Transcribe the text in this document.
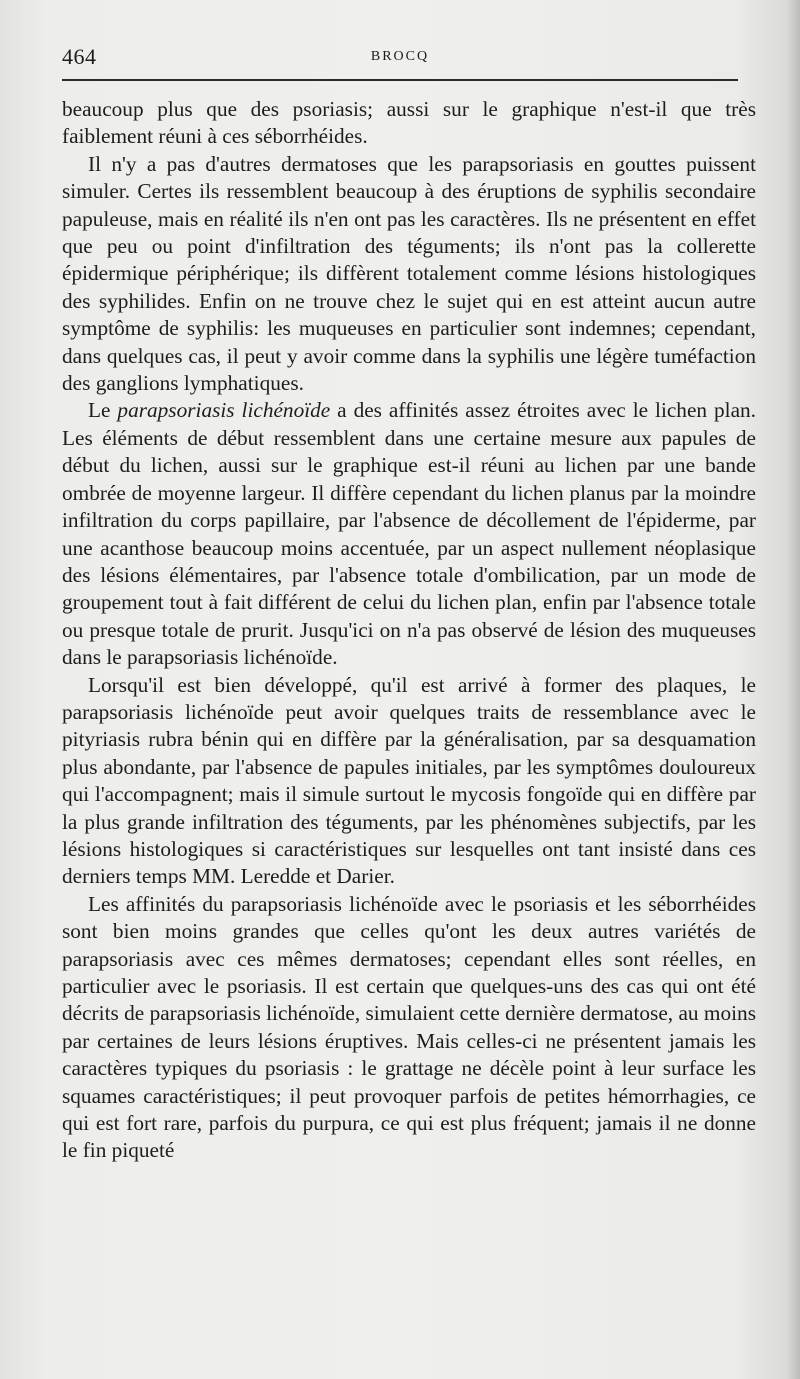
464	BROCQ

beaucoup plus que des psoriasis; aussi sur le graphique n'est-il que très faiblement réuni à ces séborrhéides.

Il n'y a pas d'autres dermatoses que les parapsoriasis en gouttes puissent simuler. Certes ils ressemblent beaucoup à des éruptions de syphilis secondaire papuleuse, mais en réalité ils n'en ont pas les caractères. Ils ne présentent en effet que peu ou point d'infiltration des téguments; ils n'ont pas la collerette épidermique périphérique; ils diffèrent totalement comme lésions histologiques des syphilides. Enfin on ne trouve chez le sujet qui en est atteint aucun autre symptôme de syphilis: les muqueuses en particulier sont indemnes; cependant, dans quelques cas, il peut y avoir comme dans la syphilis une légère tuméfaction des ganglions lymphatiques.

Le parapsoriasis lichénoïde a des affinités assez étroites avec le lichen plan. Les éléments de début ressemblent dans une certaine mesure aux papules de début du lichen, aussi sur le graphique est-il réuni au lichen par une bande ombrée de moyenne largeur. Il diffère cependant du lichen planus par la moindre infiltration du corps papillaire, par l'absence de décollement de l'épiderme, par une acanthose beaucoup moins accentuée, par un aspect nullement néoplasique des lésions élémentaires, par l'absence totale d'ombilication, par un mode de groupement tout à fait différent de celui du lichen plan, enfin par l'absence totale ou presque totale de prurit. Jusqu'ici on n'a pas observé de lésion des muqueuses dans le parapsoriasis lichénoïde.

Lorsqu'il est bien développé, qu'il est arrivé à former des plaques, le parapsoriasis lichénoïde peut avoir quelques traits de ressemblance avec le pityriasis rubra bénin qui en diffère par la généralisation, par sa desquamation plus abondante, par l'absence de papules initiales, par les symptômes douloureux qui l'accompagnent; mais il simule surtout le mycosis fongoïde qui en diffère par la plus grande infiltration des téguments, par les phénomènes subjectifs, par les lésions histologiques si caractéristiques sur lesquelles ont tant insisté dans ces derniers temps MM. Leredde et Darier.

Les affinités du parapsoriasis lichénoïde avec le psoriasis et les séborrhéides sont bien moins grandes que celles qu'ont les deux autres variétés de parapsoriasis avec ces mêmes dermatoses; cependant elles sont réelles, en particulier avec le psoriasis. Il est certain que quelques-uns des cas qui ont été décrits de parapsoriasis lichénoïde, simulaient cette dernière dermatose, au moins par certaines de leurs lésions éruptives. Mais celles-ci ne présentent jamais les caractères typiques du psoriasis : le grattage ne décèle point à leur surface les squames caractéristiques; il peut provoquer parfois de petites hémorrhagies, ce qui est fort rare, parfois du purpura, ce qui est plus fréquent; jamais il ne donne le fin piqueté
